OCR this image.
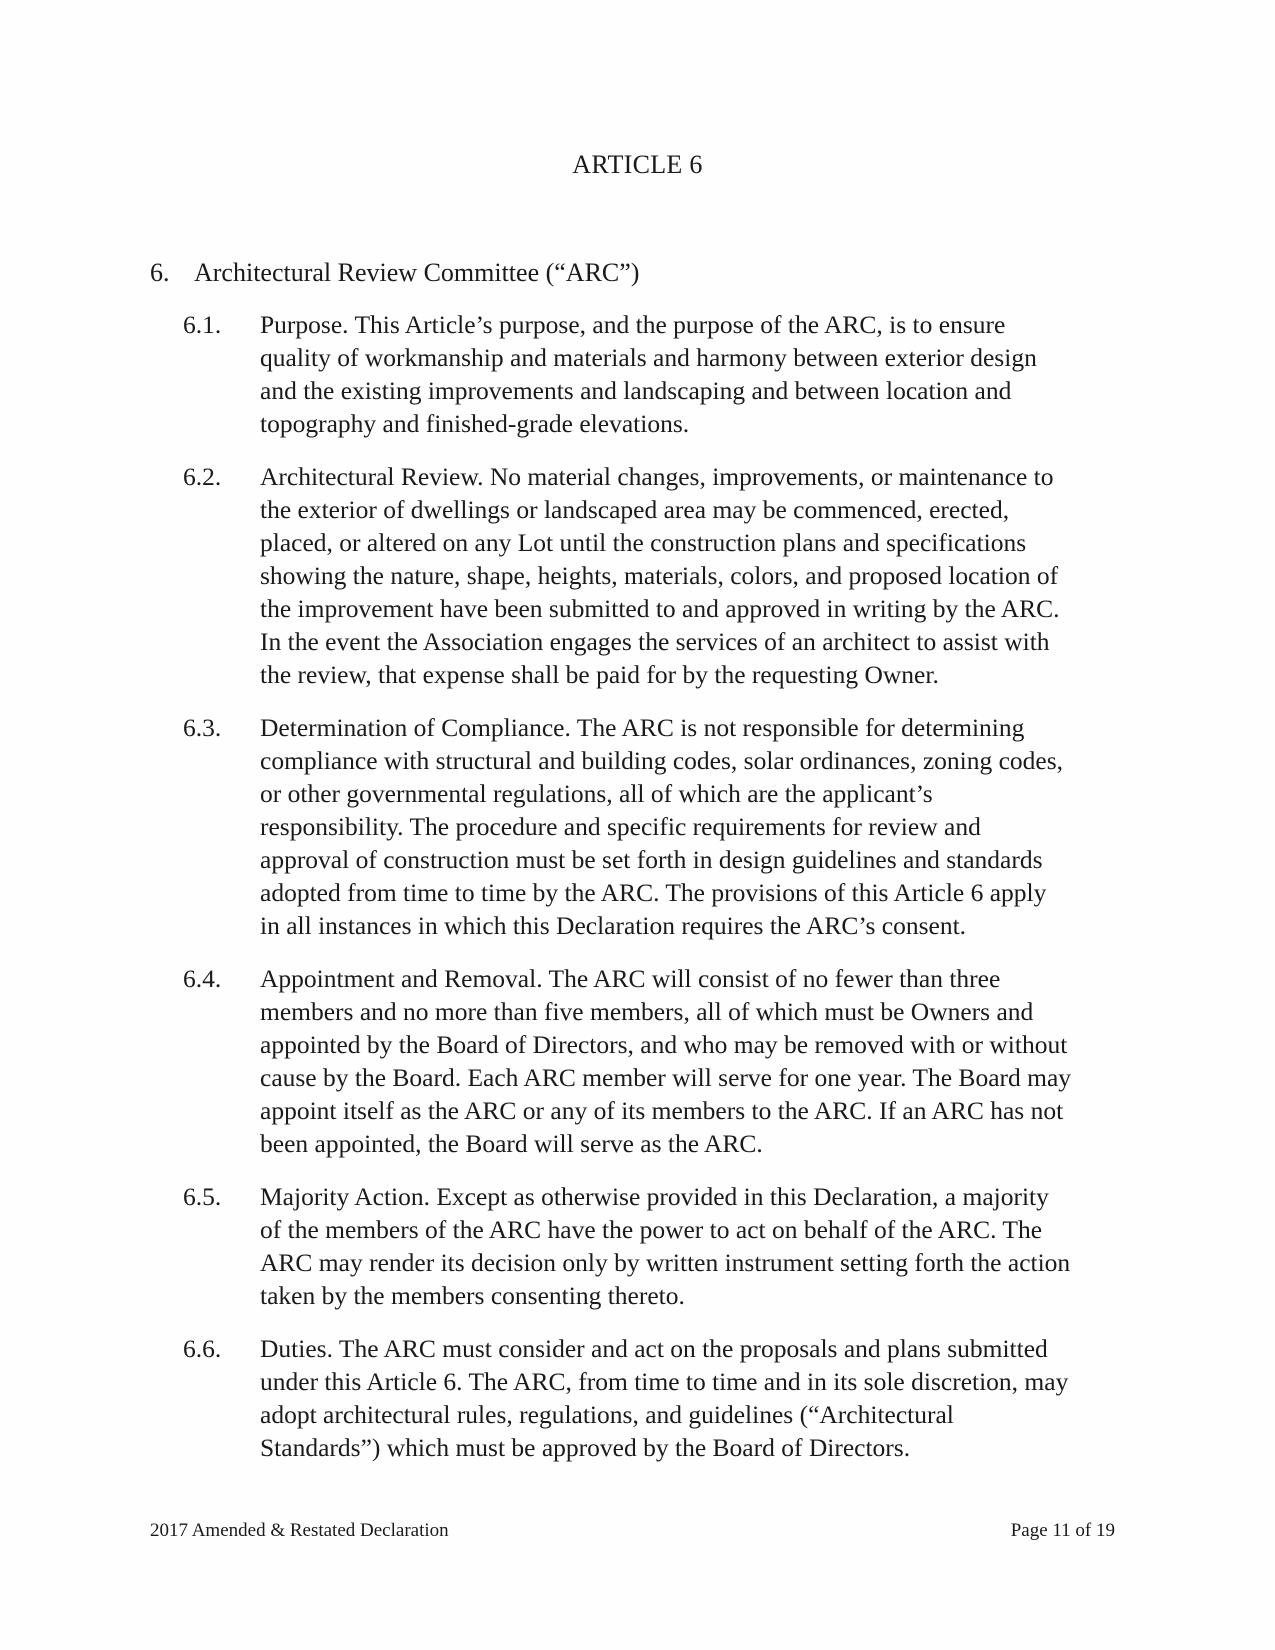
ARTICLE 6
6. Architectural Review Committee (“ARC”)
6.1.	Purpose. This Article’s purpose, and the purpose of the ARC, is to ensure
quality of workmanship and materials and harmony between exterior design
and the existing improvements and landscaping and between location and
topography and finished-grade elevations.
6.2.	Architectural Review. No material changes, improvements, or maintenance to
the exterior of dwellings or landscaped area may be commenced, erected,
placed, or altered on any Lot until the construction plans and specifications
showing the nature, shape, heights, materials, colors, and proposed location of
the improvement have been submitted to and approved in writing by the ARC.
In the event the Association engages the services of an architect to assist with
the review, that expense shall be paid for by the requesting Owner.
6.3.	Determination of Compliance. The ARC is not responsible for determining
compliance with structural and building codes, solar ordinances, zoning codes,
or other governmental regulations, all of which are the applicant’s
responsibility. The procedure and specific requirements for review and
approval of construction must be set forth in design guidelines and standards
adopted from time to time by the ARC. The provisions of this Article 6 apply
in all instances in which this Declaration requires the ARC’s consent.
6.4.	Appointment and Removal. The ARC will consist of no fewer than three
members and no more than five members, all of which must be Owners and
appointed by the Board of Directors, and who may be removed with or without
cause by the Board. Each ARC member will serve for one year. The Board may
appoint itself as the ARC or any of its members to the ARC. If an ARC has not
been appointed, the Board will serve as the ARC.
6.5.	Majority Action. Except as otherwise provided in this Declaration, a majority
of the members of the ARC have the power to act on behalf of the ARC. The
ARC may render its decision only by written instrument setting forth the action
taken by the members consenting thereto.
6.6.	Duties. The ARC must consider and act on the proposals and plans submitted
under this Article 6. The ARC, from time to time and in its sole discretion, may
adopt architectural rules, regulations, and guidelines (“Architectural
Standards”) which must be approved by the Board of Directors.
2017 Amended & Restated Declaration	Page 11 of 19
